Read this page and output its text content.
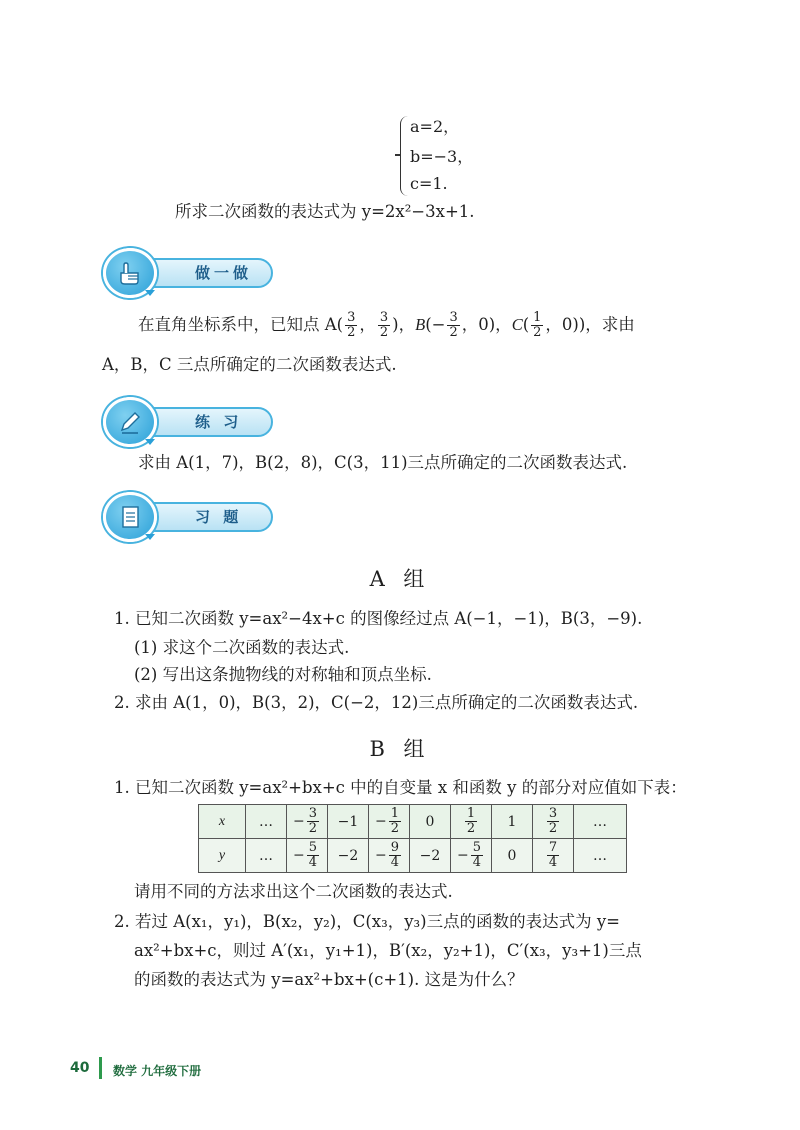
a=2，
b=−3，
c=1.
所求二次函数的表达式为 y=2x²−3x+1.
做一做
在直角坐标系中，已知点 $A( \frac{3}{2}$ ， $\frac{3}{2}$ )，$B(- \frac{3}{2}$ ，0)，$C( \frac{1}{2}$ ，0))，求由
A，B，C 三点所确定的二次函数表达式.
练 习
求由 A(1，7)，B(2，8)，C(3，11)三点所确定的二次函数表达式.
习 题
A 组
1. 已知二次函数 y=ax²−4x+c 的图像经过点 A(−1，−1)，B(3，−9).
(1) 求这个二次函数的表达式.
(2) 写出这条抛物线的对称轴和顶点坐标.
2. 求由 A(1，0)，B(3，2)，C(−2，12)三点所确定的二次函数表达式.
B 组
1. 已知二次函数 y=ax²+bx+c 中的自变量 x 和函数 y 的部分对应值如下表：
x	…	− $\frac{3}{2}$	−1	− $\frac{1}{2}$	0	$\frac{1}{2}$	1	$\frac{3}{2}$	…
y	…	− $\frac{5}{4}$	−2	− $\frac{9}{4}$	−2	− $\frac{5}{4}$	0	$\frac{7}{4}$	…
请用不同的方法求出这个二次函数的表达式.
2. 若过 A(x₁，y₁)，B(x₂，y₂)，C(x₃，y₃)三点的函数的表达式为 y=
ax²+bx+c，则过 A′(x₁，y₁+1)，B′(x₂，y₂+1)，C′(x₃，y₃+1)三点
的函数的表达式为 y=ax²+bx+(c+1). 这是为什么？
40 数学 九年级下册
